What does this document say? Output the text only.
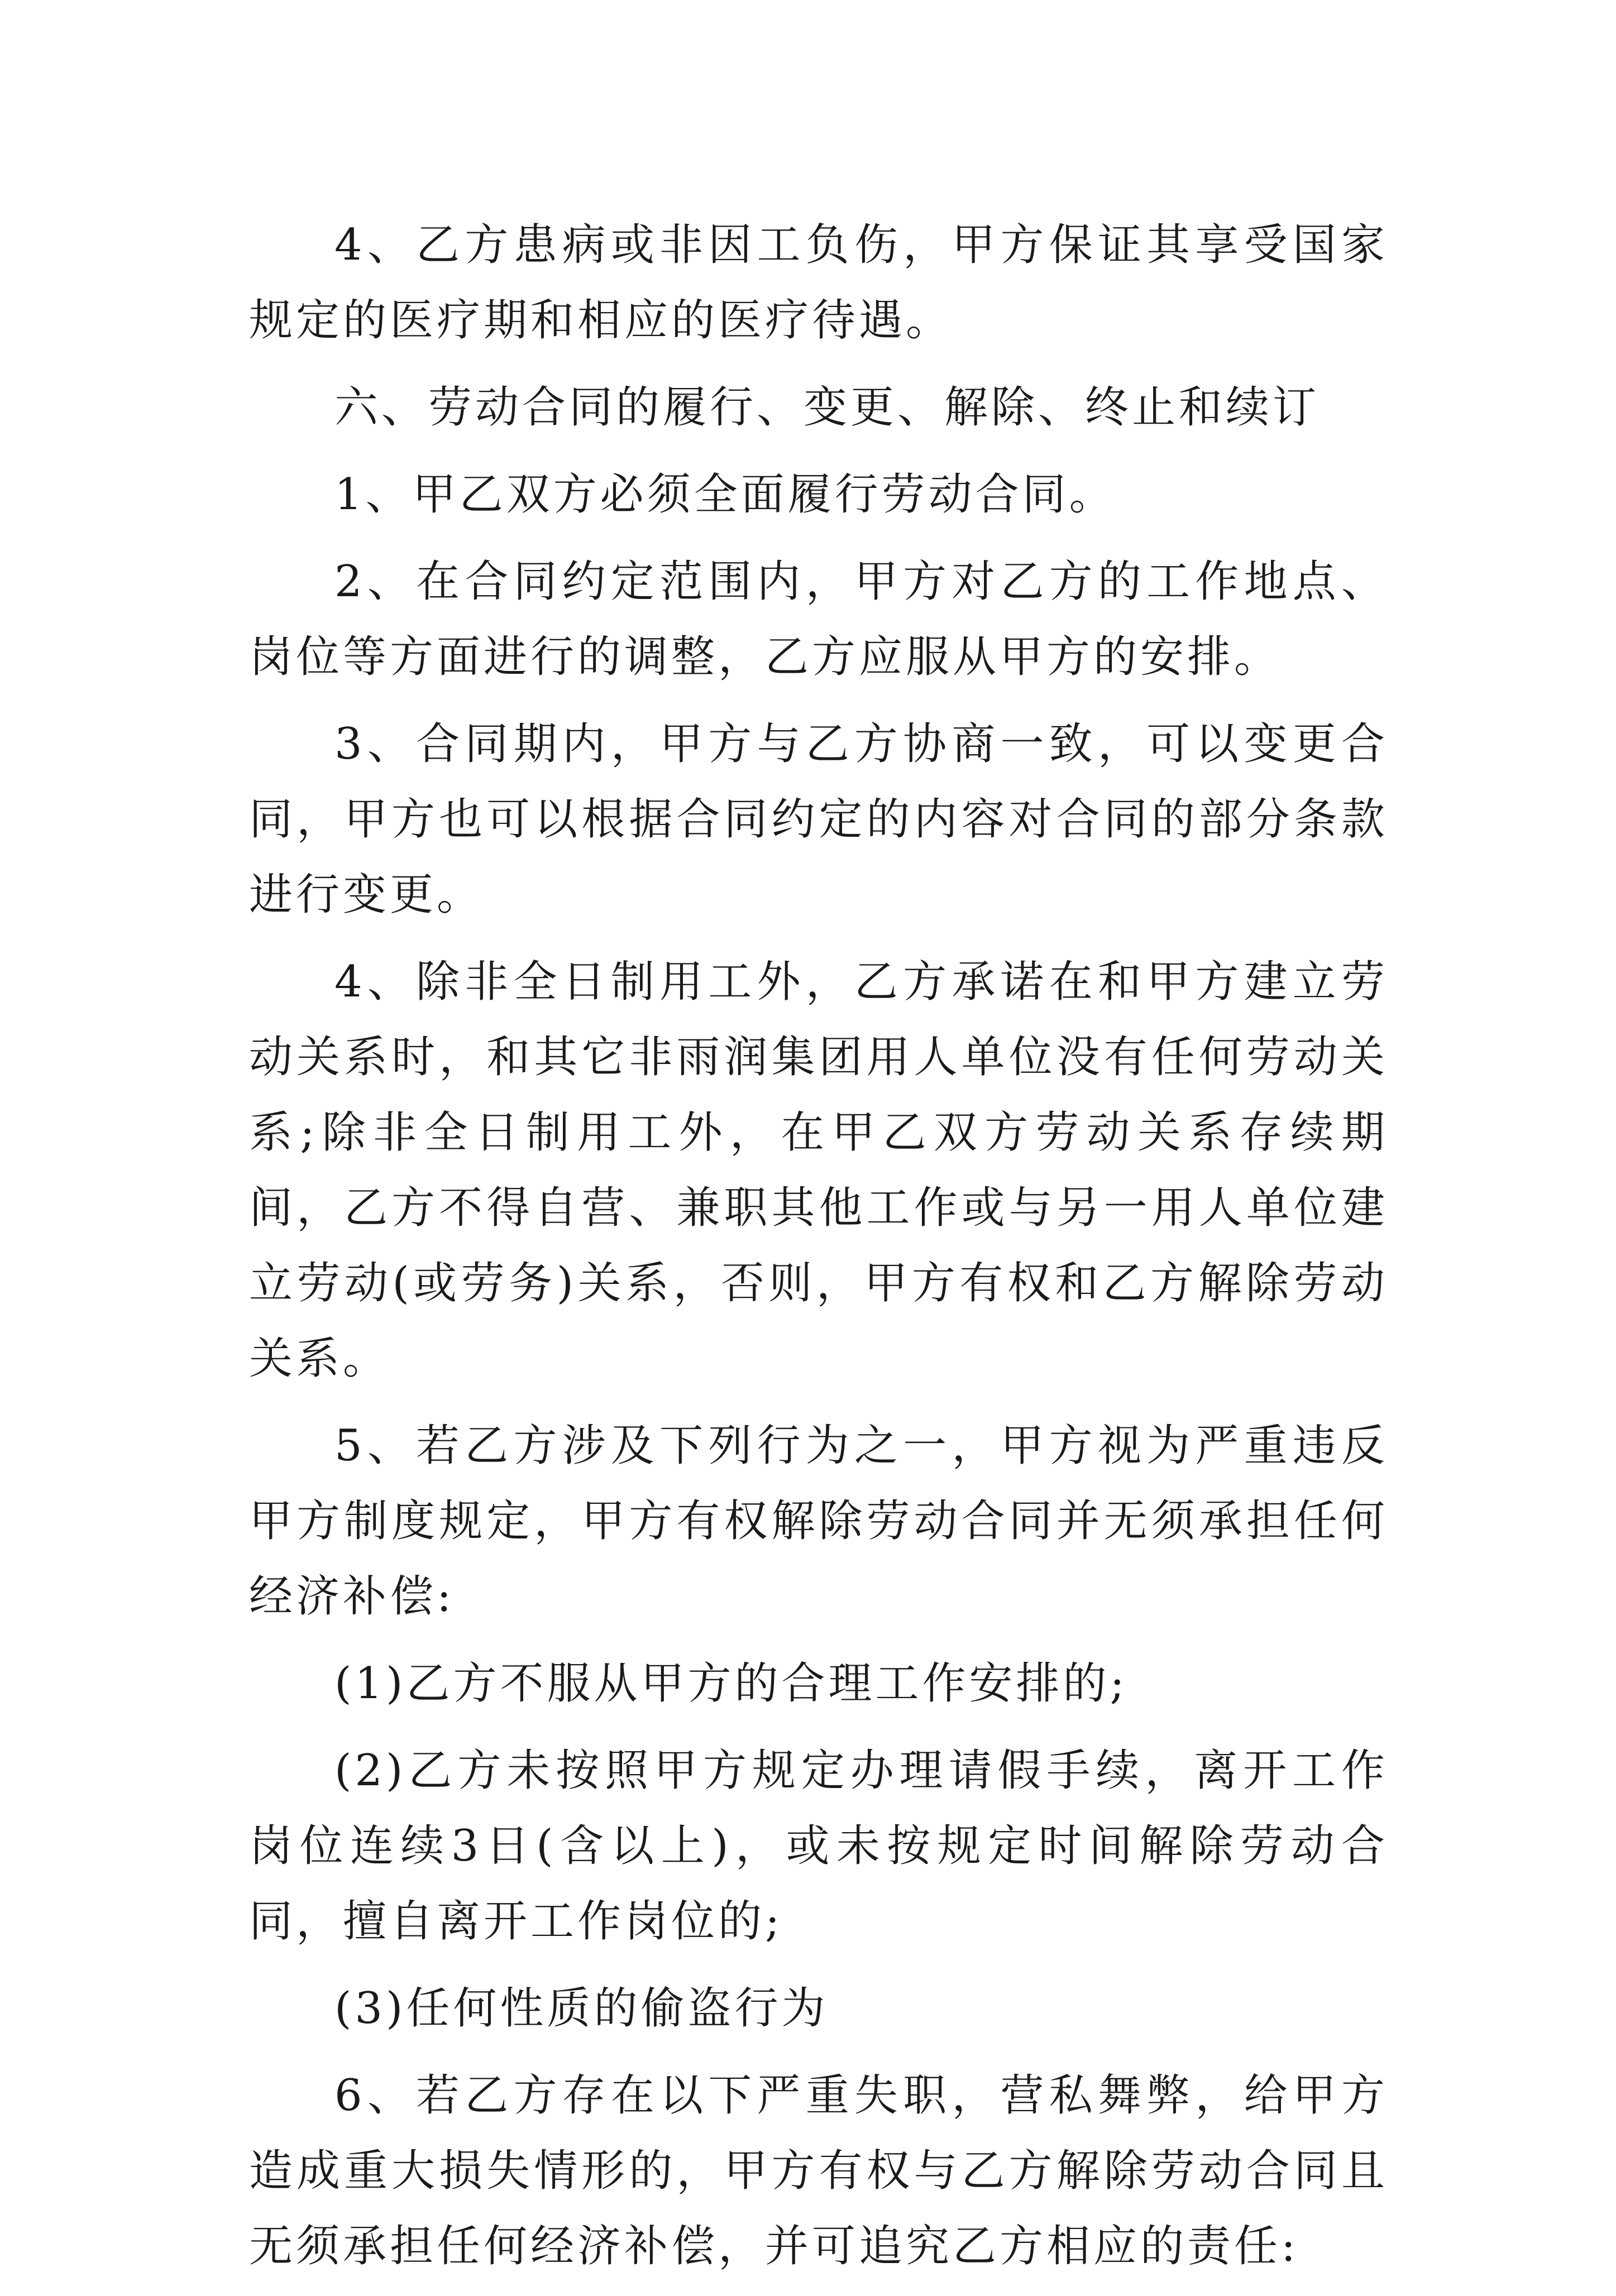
4、乙方患病或非因工负伤，甲方保证其享受国家规定的医疗期和相应的医疗待遇。

六、劳动合同的履行、变更、解除、终止和续订

1、甲乙双方必须全面履行劳动合同。

2、在合同约定范围内，甲方对乙方的工作地点、岗位等方面进行的调整，乙方应服从甲方的安排。

3、合同期内，甲方与乙方协商一致，可以变更合同，甲方也可以根据合同约定的内容对合同的部分条款进行变更。

4、除非全日制用工外，乙方承诺在和甲方建立劳动关系时，和其它非雨润集团用人单位没有任何劳动关系;除非全日制用工外，在甲乙双方劳动关系存续期间，乙方不得自营、兼职其他工作或与另一用人单位建立劳动(或劳务)关系，否则，甲方有权和乙方解除劳动关系。

5、若乙方涉及下列行为之一，甲方视为严重违反甲方制度规定，甲方有权解除劳动合同并无须承担任何经济补偿:

(1)乙方不服从甲方的合理工作安排的;

(2)乙方未按照甲方规定办理请假手续，离开工作岗位连续3日(含以上)，或未按规定时间解除劳动合同，擅自离开工作岗位的;

(3)任何性质的偷盗行为

6、若乙方存在以下严重失职，营私舞弊，给甲方造成重大损失情形的，甲方有权与乙方解除劳动合同且无须承担任何经济补偿，并可追究乙方相应的责任:
